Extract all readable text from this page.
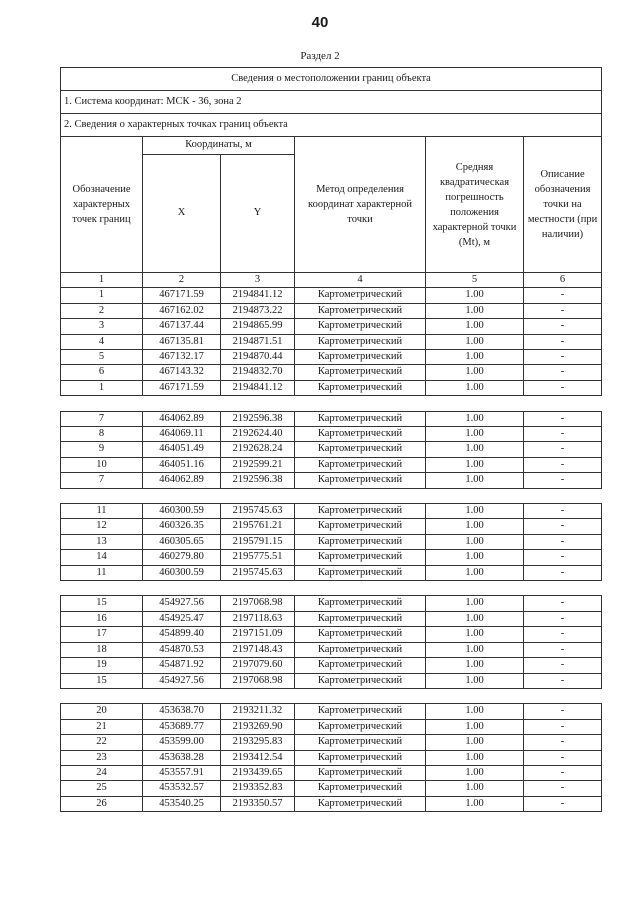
40
Раздел 2
Сведения о местоположении границ объекта					
1. Система координат: МСК - 36, зона 2					
2. Сведения о характерных точках границ объекта					
Обозначение характерных точек границ	Координаты, м		Метод определения координат характерной точки	Средняя квадратическая погрешность положения характерной точки (Mt), м	Описание обозначения точки на местности (при наличии)
	X	Y			
1	2	3	4	5	6
1	467171.59	2194841.12	Картометрический	1.00	-
2	467162.02	2194873.22	Картометрический	1.00	-
3	467137.44	2194865.99	Картометрический	1.00	-
4	467135.81	2194871.51	Картометрический	1.00	-
5	467132.17	2194870.44	Картометрический	1.00	-
6	467143.32	2194832.70	Картометрический	1.00	-
1	467171.59	2194841.12	Картометрический	1.00	-

7	464062.89	2192596.38	Картометрический	1.00	-
8	464069.11	2192624.40	Картометрический	1.00	-
9	464051.49	2192628.24	Картометрический	1.00	-
10	464051.16	2192599.21	Картометрический	1.00	-
7	464062.89	2192596.38	Картометрический	1.00	-

11	460300.59	2195745.63	Картометрический	1.00	-
12	460326.35	2195761.21	Картометрический	1.00	-
13	460305.65	2195791.15	Картометрический	1.00	-
14	460279.80	2195775.51	Картометрический	1.00	-
11	460300.59	2195745.63	Картометрический	1.00	-

15	454927.56	2197068.98	Картометрический	1.00	-
16	454925.47	2197118.63	Картометрический	1.00	-
17	454899.40	2197151.09	Картометрический	1.00	-
18	454870.53	2197148.43	Картометрический	1.00	-
19	454871.92	2197079.60	Картометрический	1.00	-
15	454927.56	2197068.98	Картометрический	1.00	-

20	453638.70	2193211.32	Картометрический	1.00	-
21	453689.77	2193269.90	Картометрический	1.00	-
22	453599.00	2193295.83	Картометрический	1.00	-
23	453638.28	2193412.54	Картометрический	1.00	-
24	453557.91	2193439.65	Картометрический	1.00	-
25	453532.57	2193352.83	Картометрический	1.00	-
26	453540.25	2193350.57	Картометрический	1.00	-
